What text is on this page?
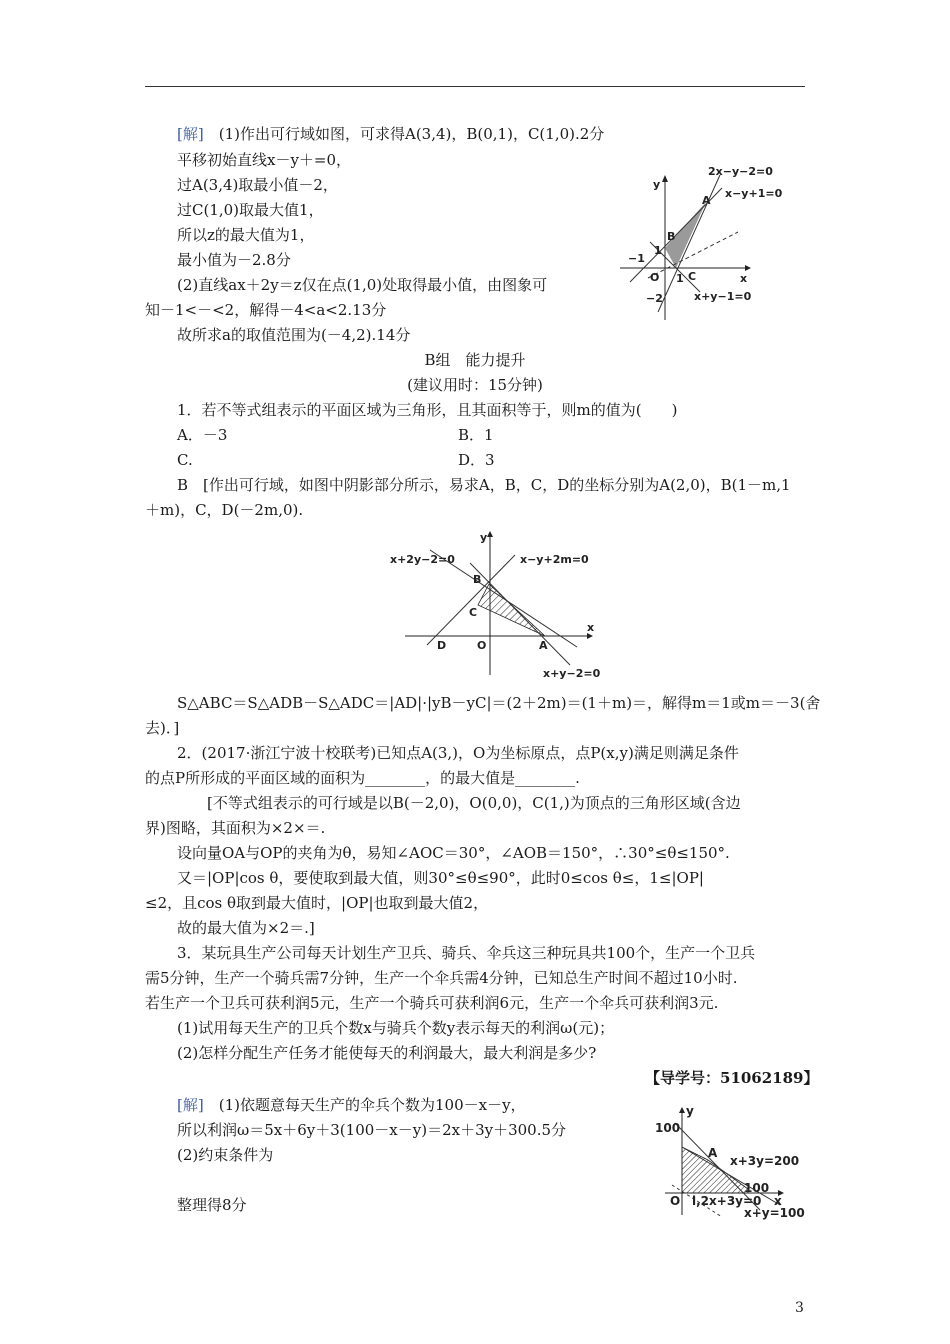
[解]　 (1)作出可行域如图，可求得A(3,4)，B(0,1)，C(1,0).2分
平移初始直线x－y＋=0，
过A(3,4)取最小值－2，
过C(1,0)取最大值1，
所以z的最大值为1，
最小值为－2.8分
(2)直线ax＋2y＝z仅在点(1,0)处取得最小值，由图象可
知－1<－<2，解得－4<a<2.13分
故所求a的取值范围为(－4,2).14分
2x−y−2=0
x−y+1=0
x+y−1=0
y
x
A
B
C
O
1
1
−1
−2
B组　能力提升
(建议用时：15分钟)
1．若不等式组表示的平面区域为三角形，且其面积等于，则m的值为(　　)
A．－3	B．1
C.	D．3
B　[作出可行域，如图中阴影部分所示，易求A，B，C，D的坐标分别为A(2,0)，B(1－m,1
＋m)，C，D(－2m,0).
x+2y−2=0	x−y+2m=0
x+y−2=0
y
x
B
C
O
D	A
S△ABC＝S△ADB－S△ADC＝|AD|·|yB－yC|＝(2＋2m)＝(1＋m)＝，解得m＝1或m＝－3(舍
去)．]
2．(2017·浙江宁波十校联考)已知点A(3,)，O为坐标原点，点P(x,y)满足则满足条件
的点P所形成的平面区域的面积为________，的最大值是________.
[不等式组表示的可行域是以B(－2,0)，O(0,0)，C(1,)为顶点的三角形区域(含边
界)图略，其面积为×2×＝.
设向量OA与OP的夹角为θ，易知∠AOC＝30°，∠AOB＝150°，∴30°≤θ≤150°.
又＝|OP|cos θ，要使取到最大值，则30°≤θ≤90°，此时0≤cos θ≤，1≤|OP|
≤2，且cos θ取到最大值时，|OP|也取到最大值2，
故的最大值为×2＝.]
3．某玩具生产公司每天计划生产卫兵、骑兵、伞兵这三种玩具共100个，生产一个卫兵
需5分钟，生产一个骑兵需7分钟，生产一个伞兵需4分钟，已知总生产时间不超过10小时.
若生产一个卫兵可获利润5元，生产一个骑兵可获利润6元，生产一个伞兵可获利润3元.
(1)试用每天生产的卫兵个数x与骑兵个数y表示每天的利润ω(元)；
(2)怎样分配生产任务才能使每天的利润最大，最大利润是多少?
【导学号：51062189】
[解]　 (1)依题意每天生产的伞兵个数为100－x－y，
所以利润ω＝5x＋6y＋3(100－x－y)＝2x＋3y＋300.5分
(2)约束条件为
整理得8分
y
x
100
A
x+3y=200
100
O l,2x+3y=0
x+y=100
3
